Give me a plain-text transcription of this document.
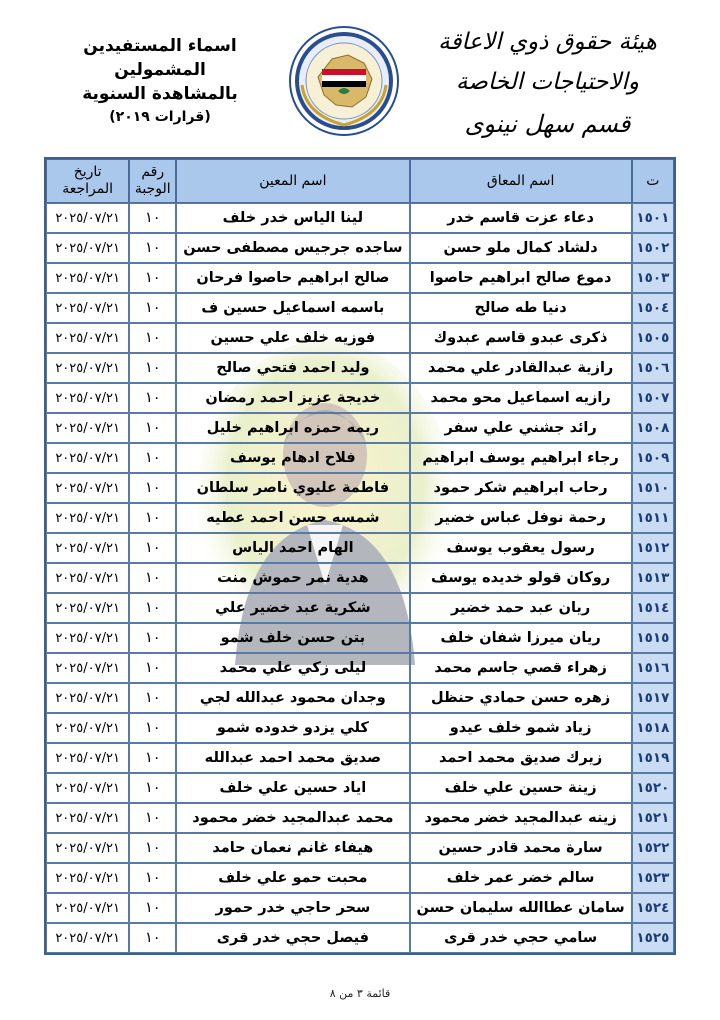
هيئة حقوق ذوي الاعاقة والاحتياجات الخاصة
قسم سهل نينوى
اسماء المستفيدين المشمولين
بالمشاهدة السنوية
(قرارات ٢٠١٩)
ت	اسم المعاق	اسم المعين	رقم الوجبة	تاريخ المراجعة
١٥٠١	دعاء عزت قاسم خدر	لينا الياس خدر خلف	١٠	٢٠٢٥/٠٧/٢١
١٥٠٢	دلشاد كمال ملو حسن	ساجده جرجيس مصطفى حسن	١٠	٢٠٢٥/٠٧/٢١
١٥٠٣	دموع صالح ابراهيم حاصوا	صالح ابراهيم حاصوا فرحان	١٠	٢٠٢٥/٠٧/٢١
١٥٠٤	دنيا طه صالح	باسمه اسماعيل حسين ف	١٠	٢٠٢٥/٠٧/٢١
١٥٠٥	ذكرى عبدو قاسم عبدوك	فوزيه خلف علي حسين	١٠	٢٠٢٥/٠٧/٢١
١٥٠٦	رازية عبدالقادر علي محمد	وليد احمد فتحي صالح	١٠	٢٠٢٥/٠٧/٢١
١٥٠٧	رازيه اسماعيل محو محمد	خديجة عزيز احمد رمضان	١٠	٢٠٢٥/٠٧/٢١
١٥٠٨	رائد جشني علي سفر	ريمه حمزه ابراهيم خليل	١٠	٢٠٢٥/٠٧/٢١
١٥٠٩	رجاء ابراهيم يوسف ابراهيم	فلاح ادهام يوسف	١٠	٢٠٢٥/٠٧/٢١
١٥١٠	رحاب ابراهيم شكر حمود	فاطمة عليوي ناصر سلطان	١٠	٢٠٢٥/٠٧/٢١
١٥١١	رحمة نوفل عباس خضير	شمسه حسن احمد عطيه	١٠	٢٠٢٥/٠٧/٢١
١٥١٢	رسول يعقوب يوسف	الهام احمد الياس	١٠	٢٠٢٥/٠٧/٢١
١٥١٣	روكان قولو خديده يوسف	هدية نمر حموش منت	١٠	٢٠٢٥/٠٧/٢١
١٥١٤	ريان عبد حمد خضير	شكرية عبد خضير علي	١٠	٢٠٢٥/٠٧/٢١
١٥١٥	ريان ميرزا شفان خلف	بتن حسن خلف شمو	١٠	٢٠٢٥/٠٧/٢١
١٥١٦	زهراء قصي جاسم محمد	ليلى زكي علي محمد	١٠	٢٠٢٥/٠٧/٢١
١٥١٧	زهره حسن حمادي حنظل	وجدان محمود عبدالله لجي	١٠	٢٠٢٥/٠٧/٢١
١٥١٨	زياد شمو خلف عيدو	كلي يزدو خدوده شمو	١٠	٢٠٢٥/٠٧/٢١
١٥١٩	زيرك صديق محمد احمد	صديق محمد احمد عبدالله	١٠	٢٠٢٥/٠٧/٢١
١٥٢٠	زينة حسين علي خلف	اياد حسين علي خلف	١٠	٢٠٢٥/٠٧/٢١
١٥٢١	زينه عبدالمجيد خضر محمود	محمد عبدالمجيد خضر محمود	١٠	٢٠٢٥/٠٧/٢١
١٥٢٢	سارة محمد قادر حسين	هيفاء غانم نعمان حامد	١٠	٢٠٢٥/٠٧/٢١
١٥٢٣	سالم خضر عمر خلف	محبت حمو علي خلف	١٠	٢٠٢٥/٠٧/٢١
١٥٢٤	سامان عطاالله سليمان حسن	سحر حاجي خدر حمور	١٠	٢٠٢٥/٠٧/٢١
١٥٢٥	سامي حجي خدر قرى	فيصل حجي خدر قرى	١٠	٢٠٢٥/٠٧/٢١
قائمة ٣ من ٨
